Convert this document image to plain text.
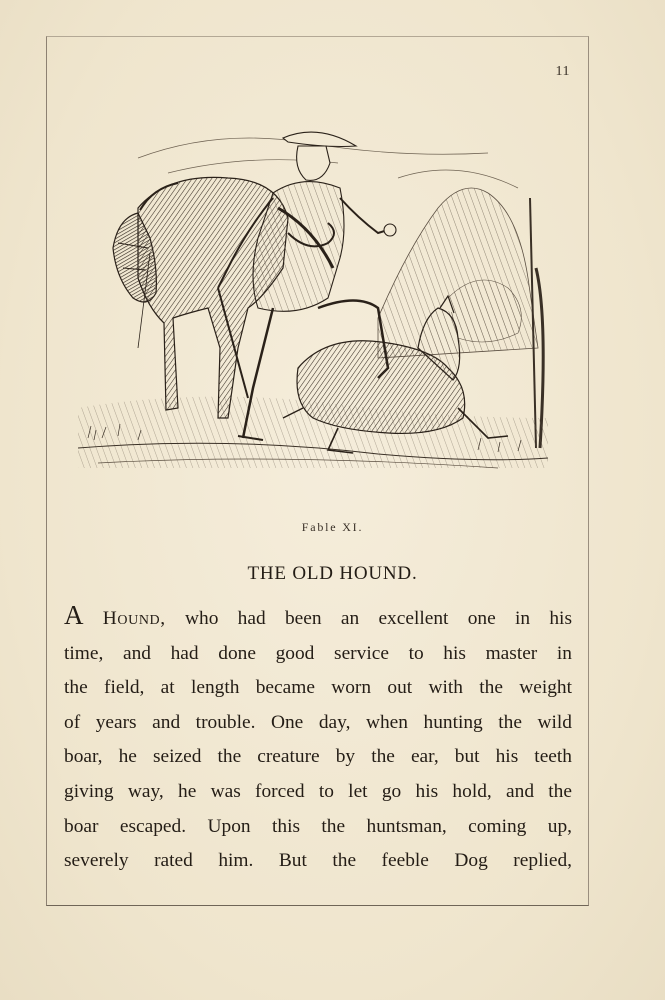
11
Fable XI.
THE OLD HOUND.
A Hound, who had been an excellent one in his
time, and had done good service to his master in
the field, at length became worn out with the weight
of years and trouble. One day, when hunting the wild
boar, he seized the creature by the ear, but his teeth
giving way, he was forced to let go his hold, and the
boar escaped. Upon this the huntsman, coming up,
severely rated him. But the feeble Dog replied,
